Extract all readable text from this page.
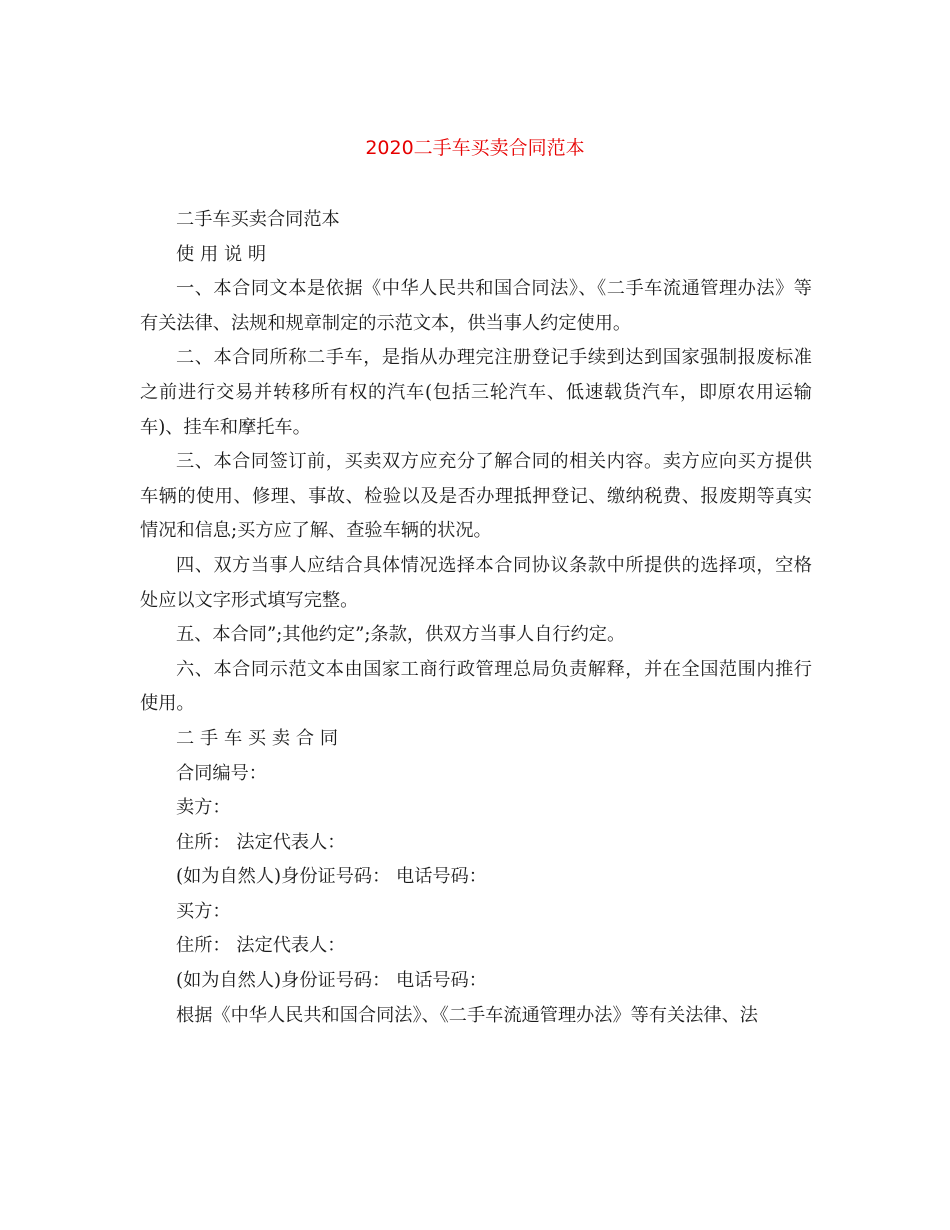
2020二手车买卖合同范本

二手车买卖合同范本

使 用 说 明

一、本合同文本是依据《中华人民共和国合同法》、《二手车流通管理办法》等有关法律、法规和规章制定的示范文本，供当事人约定使用。

二、本合同所称二手车，是指从办理完注册登记手续到达到国家强制报废标准之前进行交易并转移所有权的汽车(包括三轮汽车、低速载货汽车，即原农用运输车)、挂车和摩托车。

三、本合同签订前，买卖双方应充分了解合同的相关内容。卖方应向买方提供车辆的使用、修理、事故、检验以及是否办理抵押登记、缴纳税费、报废期等真实情况和信息;买方应了解、查验车辆的状况。

四、双方当事人应结合具体情况选择本合同协议条款中所提供的选择项，空格处应以文字形式填写完整。

五、本合同”;其他约定”;条款，供双方当事人自行约定。

六、本合同示范文本由国家工商行政管理总局负责解释，并在全国范围内推行使用。

二 手 车 买 卖 合 同

合同编号：

卖方：

住所： 法定代表人：

(如为自然人)身份证号码： 电话号码：

买方：

住所： 法定代表人：

(如为自然人)身份证号码： 电话号码：

根据《中华人民共和国合同法》、《二手车流通管理办法》等有关法律、法
